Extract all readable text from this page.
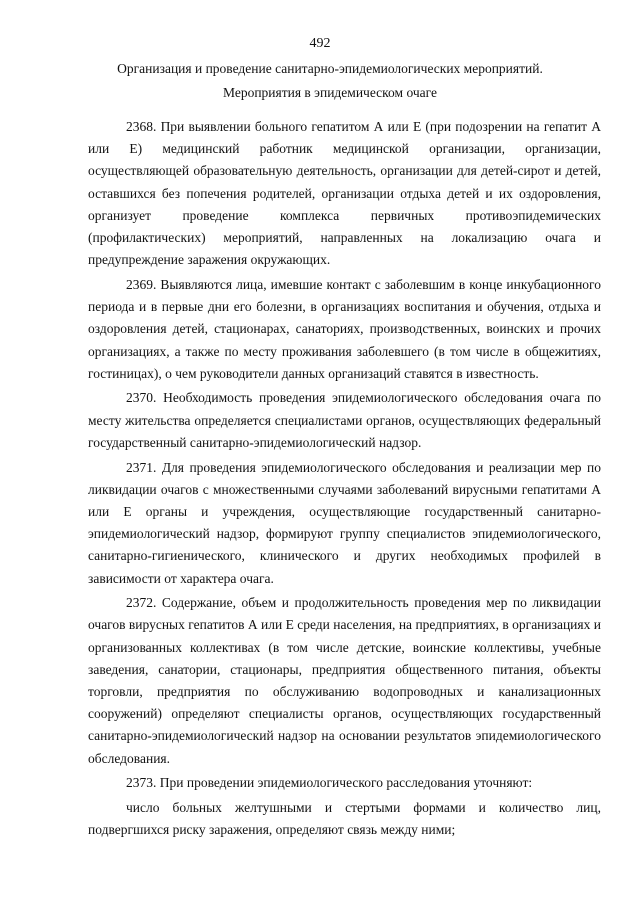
492
Организация и проведение санитарно-эпидемиологических мероприятий.
Мероприятия в эпидемическом очаге

2368. При выявлении больного гепатитом А или Е (при подозрении на гепатит А или Е) медицинский работник медицинской организации, организации, осуществляющей образовательную деятельность, организации для детей-сирот и детей, оставшихся без попечения родителей, организации отдыха детей и их оздоровления, организует проведение комплекса первичных противоэпидемических (профилактических) мероприятий, направленных на локализацию очага и предупреждение заражения окружающих.

2369. Выявляются лица, имевшие контакт с заболевшим в конце инкубационного периода и в первые дни его болезни, в организациях воспитания и обучения, отдыха и оздоровления детей, стационарах, санаториях, производственных, воинских и прочих организациях, а также по месту проживания заболевшего (в том числе в общежитиях, гостиницах), о чем руководители данных организаций ставятся в известность.

2370. Необходимость проведения эпидемиологического обследования очага по месту жительства определяется специалистами органов, осуществляющих федеральный государственный санитарно-эпидемиологический надзор.

2371. Для проведения эпидемиологического обследования и реализации мер по ликвидации очагов с множественными случаями заболеваний вирусными гепатитами А или Е органы и учреждения, осуществляющие государственный санитарно-эпидемиологический надзор, формируют группу специалистов эпидемиологического, санитарно-гигиенического, клинического и других необходимых профилей в зависимости от характера очага.

2372. Содержание, объем и продолжительность проведения мер по ликвидации очагов вирусных гепатитов А или Е среди населения, на предприятиях, в организациях и организованных коллективах (в том числе детские, воинские коллективы, учебные заведения, санатории, стационары, предприятия общественного питания, объекты торговли, предприятия по обслуживанию водопроводных и канализационных сооружений) определяют специалисты органов, осуществляющих государственный санитарно-эпидемиологический надзор на основании результатов эпидемиологического обследования.

2373. При проведении эпидемиологического расследования уточняют:

число больных желтушными и стертыми формами и количество лиц, подвергшихся риску заражения, определяют связь между ними;
